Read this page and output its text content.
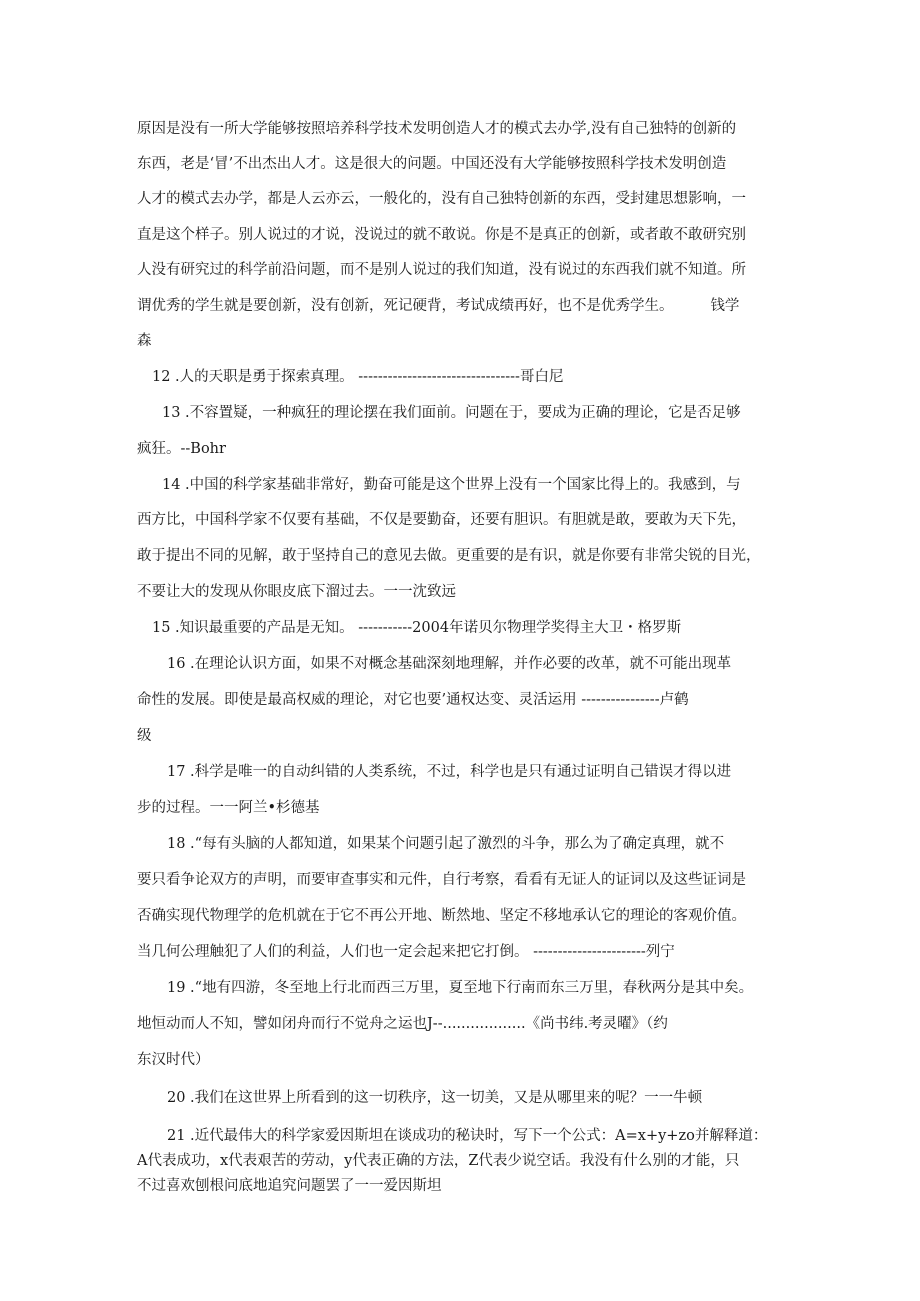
原因是没有一所大学能够按照培养科学技术发明创造人才的模式去办学,没有自己独特的创新的
东西，老是‘冒’不出杰出人才。这是很大的问题。中国还没有大学能够按照科学技术发明创造
人才的模式去办学，都是人云亦云，一般化的，没有自己独特创新的东西，受封建思想影响，一
直是这个样子。别人说过的才说，没说过的就不敢说。你是不是真正的创新，或者敢不敢研究别
人没有研究过的科学前沿问题，而不是别人说过的我们知道，没有说过的东西我们就不知道。所
谓优秀的学生就是要创新，没有创新，死记硬背，考试成绩再好，也不是优秀学生。        钱学
森
12 .人的天职是勇于探索真理。 ---------------------------------哥白尼
13 .不容置疑，一种疯狂的理论摆在我们面前。问题在于，要成为正确的理论，它是否足够
疯狂。--Bohr
14 .中国的科学家基础非常好，勤奋可能是这个世界上没有一个国家比得上的。我感到，与
西方比，中国科学家不仅要有基础，不仅是要勤奋，还要有胆识。有胆就是敢，要敢为天下先，
敢于提出不同的见解，敢于坚持自己的意见去做。更重要的是有识，就是你要有非常尖锐的目光，
不要让大的发现从你眼皮底下溜过去。一一沈致远
15 .知识最重要的产品是无知。 -----------2004年诺贝尔物理学奖得主大卫・格罗斯
16 .在理论认识方面，如果不对概念基础深刻地理解，并作必要的改革，就不可能出现革
命性的发展。即使是最高权威的理论，对它也要’通权达变、灵活运用 ----------------卢鹤
级
17 .科学是唯一的自动纠错的人类系统，不过，科学也是只有通过证明自己错误才得以进
步的过程。一一阿兰•杉德基
18 .“每有头脑的人都知道，如果某个问题引起了激烈的斗争，那么为了确定真理，就不
要只看争论双方的声明，而要审查事实和元件，自行考察，看看有无证人的证词以及这些证词是
否确实现代物理学的危机就在于它不再公开地、断然地、坚定不移地承认它的理论的客观价值。
当几何公理触犯了人们的利益，人们也一定会起来把它打倒。 -----------------------列宁
19 .“地有四游，冬至地上行北而西三万里，夏至地下行南而东三万里，春秋两分是其中矣。
地恒动而人不知，譬如闭舟而行不觉舟之运也J--..................《尚书纬.考灵曜》（约
东汉时代）
20 .我们在这世界上所看到的这一切秩序，这一切美，又是从哪里来的呢？一一牛顿
21 .近代最伟大的科学家爱因斯坦在谈成功的秘诀时，写下一个公式：A=x+y+zo并解释道：
A代表成功，x代表艰苦的劳动，y代表正确的方法，Z代表少说空话。我没有什么别的才能，只
不过喜欢刨根问底地追究问题罢了一一爱因斯坦
